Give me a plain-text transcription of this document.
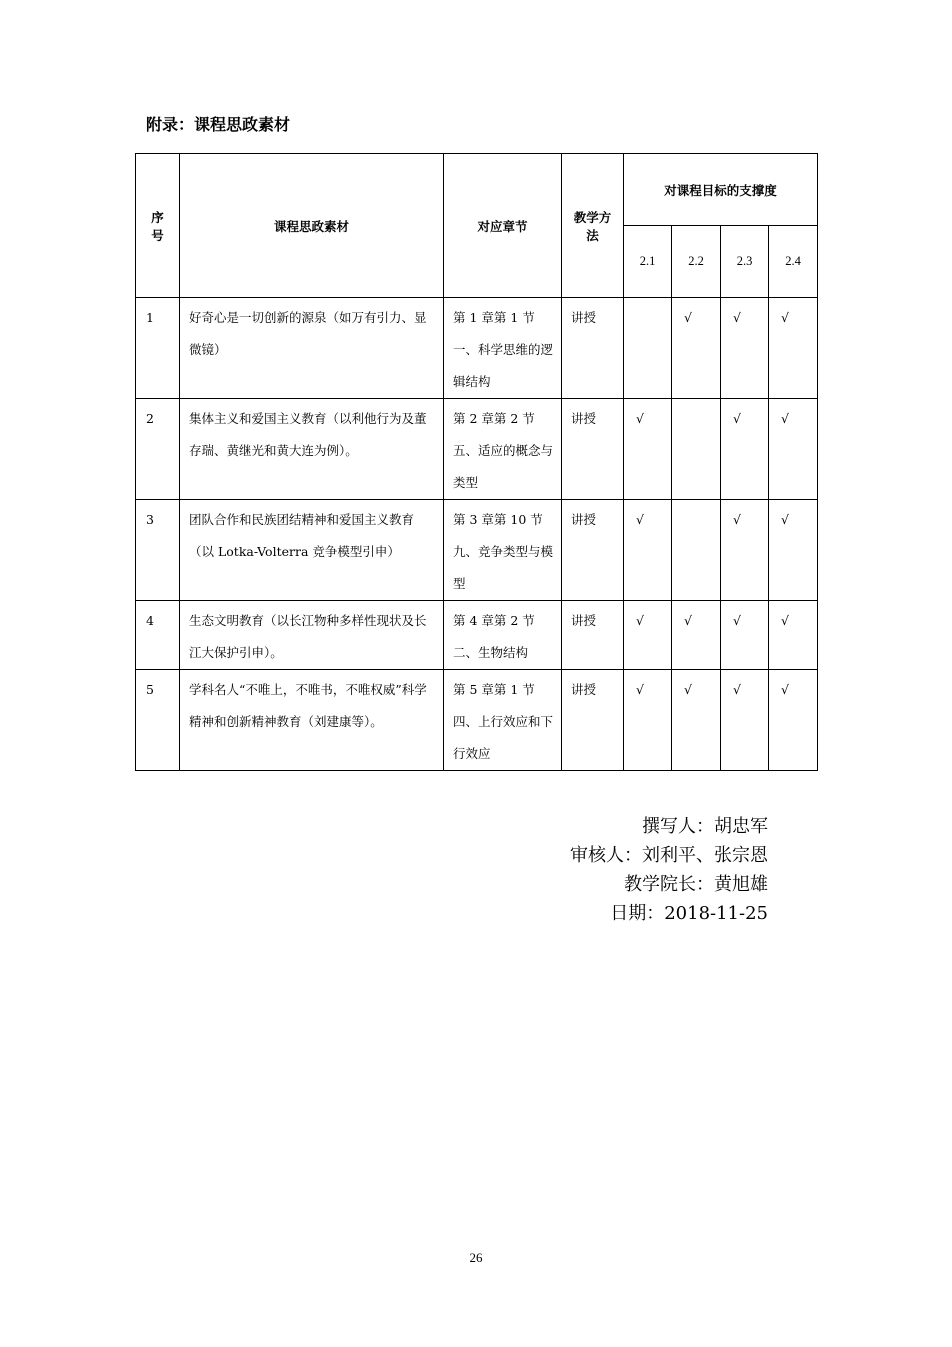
附录：课程思政素材
序号	课程思政素材	对应章节	教学方法	对课程目标的支撑度			
				2.1	2.2	2.3	2.4
1	好奇心是一切创新的源泉（如万有引力、显微镜）	第 1 章第 1 节一、科学思维的逻辑结构	讲授		√	√	√
2	集体主义和爱国主义教育（以利他行为及董存瑞、黄继光和黄大连为例）。	第 2 章第 2 节五、适应的概念与类型	讲授	√		√	√
3	团队合作和民族团结精神和爱国主义教育（以 Lotka-Volterra 竞争模型引申）	第 3 章第 10 节九、竞争类型与模型	讲授	√		√	√
4	生态文明教育（以长江物种多样性现状及长江大保护引申）。	第 4 章第 2 节二、生物结构	讲授	√	√	√	√
5	学科名人“不唯上，不唯书，不唯权威”科学精神和创新精神教育（刘建康等）。	第 5 章第 1 节四、上行效应和下行效应	讲授	√	√	√	√
撰写人：胡忠军
审核人：刘利平、张宗恩
教学院长：黄旭雄
日期：2018-11-25
26
